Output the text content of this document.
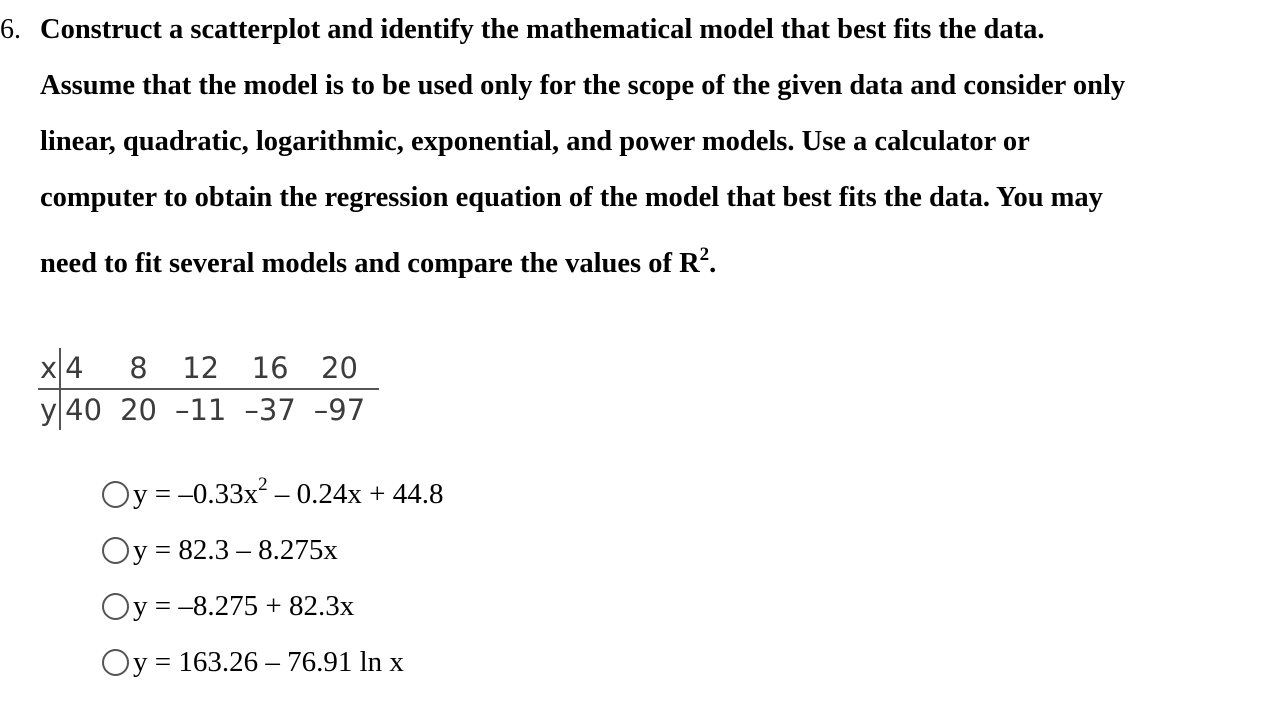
6. Construct a scatterplot and identify the mathematical model that best fits the data.
Assume that the model is to be used only for the scope of the given data and consider only
linear, quadratic, logarithmic, exponential, and power models. Use a calculator or
computer to obtain the regression equation of the model that best fits the data. You may
need to fit several models and compare the values of $R^2$.
x	4	8	12	16	20
y	40	20	–11	–37	–97
$y = -0.33x^2 - 0.24x + 44.8$
y = 82.3 – 8.275x
y = –8.275 + 82.3x
y = 163.26 – 76.91 ln x
